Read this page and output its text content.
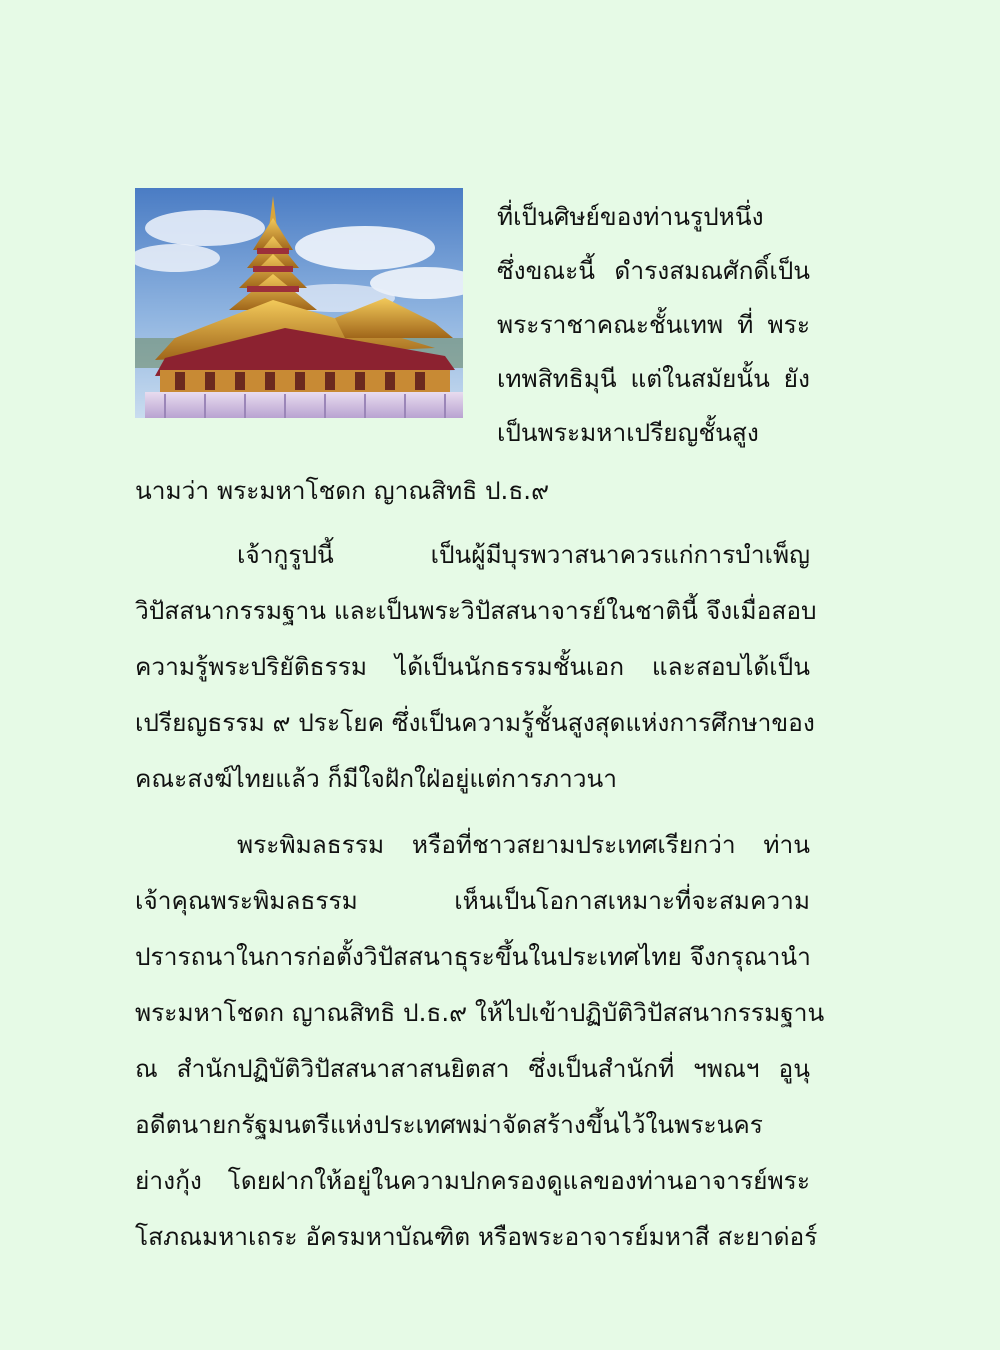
ที่เป็นศิษย์ของท่านรูปหนึ่ง
ซึ่งขณะนี้ ดำรงสมณศักดิ์เป็น
พระราชาคณะชั้นเทพ ที่ พระ
เทพสิทธิมุนี แต่ในสมัยนั้น ยัง
เป็นพระมหาเปรียญชั้นสูง
นามว่า พระมหาโชดก ญาณสิทธิ ป.ธ.๙
เจ้ากูรูปนี้ เป็นผู้มีบุรพวาสนาควรแก่การบำเพ็ญ
วิปัสสนากรรมฐาน และเป็นพระวิปัสสนาจารย์ในชาตินี้ จึงเมื่อสอบ
ความรู้พระปริยัติธรรม ได้เป็นนักธรรมชั้นเอก และสอบได้เป็น
เปรียญธรรม ๙ ประโยค ซึ่งเป็นความรู้ชั้นสูงสุดแห่งการศึกษาของ
คณะสงฆ์ไทยแล้ว ก็มีใจฝักใฝ่อยู่แต่การภาวนา
พระพิมลธรรม หรือที่ชาวสยามประเทศเรียกว่า ท่าน
เจ้าคุณพระพิมลธรรม เห็นเป็นโอกาสเหมาะที่จะสมความ
ปรารถนาในการก่อตั้งวิปัสสนาธุระขึ้นในประเทศไทย จึงกรุณานำ
พระมหาโชดก ญาณสิทธิ ป.ธ.๙ ให้ไปเข้าปฏิบัติวิปัสสนากรรมฐาน
ณ สำนักปฏิบัติวิปัสสนาสาสนยิตสา ซึ่งเป็นสำนักที่ ฯพณฯ อูนุ
อดีตนายกรัฐมนตรีแห่งประเทศพม่าจัดสร้างขึ้นไว้ในพระนคร
ย่างกุ้ง โดยฝากให้อยู่ในความปกครองดูแลของท่านอาจารย์พระ
โสภณมหาเถระ อัครมหาบัณฑิต หรือพระอาจารย์มหาสี สะยาด่อร์
